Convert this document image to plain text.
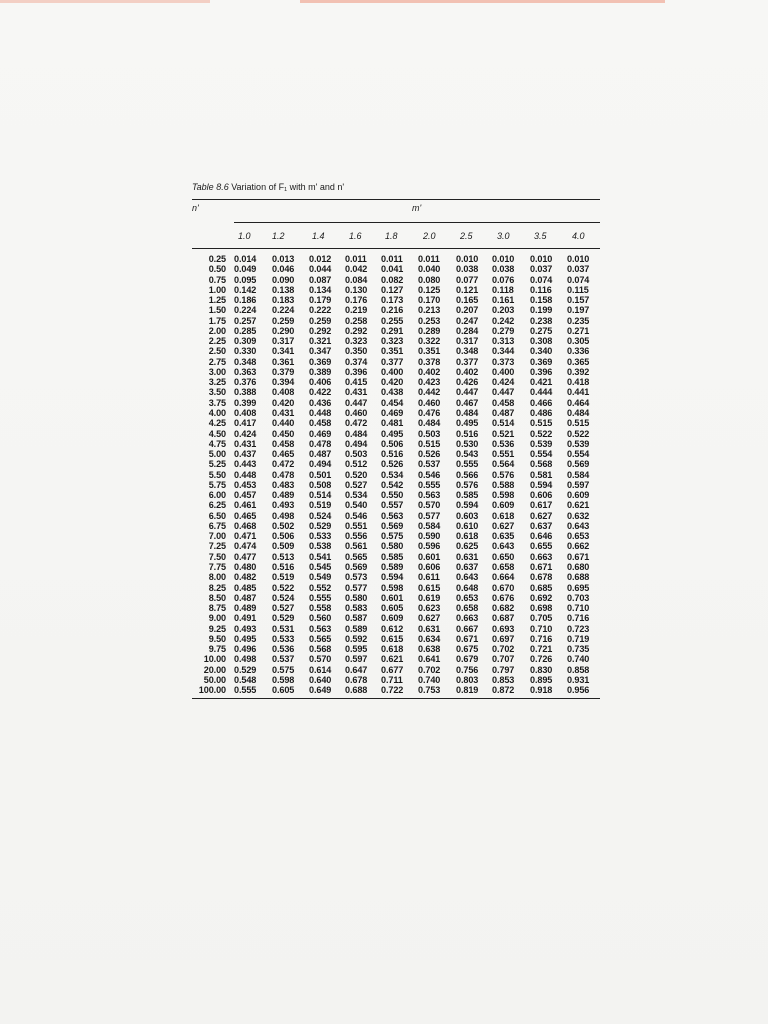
Table 8.6 Variation of F₁ with m' and n'

n'	m'
1.0 1.2	1.4	1.6	1.8	2.0	2.5	3.0	3.5	4.0
0.25 0.014 0.013 0.012 0.011 0.011 0.011 0.010 0.010 0.010 0.010
0.50 0.049 0.046 0.044 0.042 0.041 0.040 0.038 0.038 0.037 0.037
0.75 0.095 0.090 0.087 0.084 0.082 0.080 0.077 0.076 0.074 0.074
1.00 0.142 0.138 0.134 0.130 0.127 0.125 0.121 0.118 0.116 0.115
1.25 0.186 0.183 0.179 0.176 0.173 0.170 0.165 0.161 0.158 0.157
1.50 0.224 0.224 0.222 0.219 0.216 0.213 0.207 0.203 0.199 0.197
1.75 0.257 0.259 0.259 0.258 0.255 0.253 0.247 0.242 0.238 0.235
2.00 0.285 0.290 0.292 0.292 0.291 0.289 0.284 0.279 0.275 0.271
2.25 0.309 0.317 0.321 0.323 0.323 0.322 0.317 0.313 0.308 0.305
2.50 0.330 0.341 0.347 0.350 0.351 0.351 0.348 0.344 0.340 0.336
2.75 0.348 0.361 0.369 0.374 0.377 0.378 0.377 0.373 0.369 0.365
3.00 0.363 0.379 0.389 0.396 0.400 0.402 0.402 0.400 0.396 0.392
3.25 0.376 0.394 0.406 0.415 0.420 0.423 0.426 0.424 0.421 0.418
3.50 0.388 0.408 0.422 0.431 0.438 0.442 0.447 0.447 0.444 0.441
3.75 0.399 0.420 0.436 0.447 0.454 0.460 0.467 0.458 0.466 0.464
4.00 0.408 0.431 0.448 0.460 0.469 0.476 0.484 0.487 0.486 0.484
4.25 0.417 0.440 0.458 0.472 0.481 0.484 0.495 0.514 0.515 0.515
4.50 0.424 0.450 0.469 0.484 0.495 0.503 0.516 0.521 0.522 0.522
4.75 0.431 0.458 0.478 0.494 0.506 0.515 0.530 0.536 0.539 0.539
5.00 0.437 0.465 0.487 0.503 0.516 0.526 0.543 0.551 0.554 0.554
5.25 0.443 0.472 0.494 0.512 0.526 0.537 0.555 0.564 0.568 0.569
5.50 0.448 0.478 0.501 0.520 0.534 0.546 0.566 0.576 0.581 0.584
5.75 0.453 0.483 0.508 0.527 0.542 0.555 0.576 0.588 0.594 0.597
6.00 0.457 0.489 0.514 0.534 0.550 0.563 0.585 0.598 0.606 0.609
6.25 0.461 0.493 0.519 0.540 0.557 0.570 0.594 0.609 0.617 0.621
6.50 0.465 0.498 0.524 0.546 0.563 0.577 0.603 0.618 0.627 0.632
6.75 0.468 0.502 0.529 0.551 0.569 0.584 0.610 0.627 0.637 0.643
7.00 0.471 0.506 0.533 0.556 0.575 0.590 0.618 0.635 0.646 0.653
7.25 0.474 0.509 0.538 0.561 0.580 0.596 0.625 0.643 0.655 0.662
7.50 0.477 0.513 0.541 0.565 0.585 0.601 0.631 0.650 0.663 0.671
7.75 0.480 0.516 0.545 0.569 0.589 0.606 0.637 0.658 0.671 0.680
8.00 0.482 0.519 0.549 0.573 0.594 0.611 0.643 0.664 0.678 0.688
8.25 0.485 0.522 0.552 0.577 0.598 0.615 0.648 0.670 0.685 0.695
8.50 0.487 0.524 0.555 0.580 0.601 0.619 0.653 0.676 0.692 0.703
8.75 0.489 0.527 0.558 0.583 0.605 0.623 0.658 0.682 0.698 0.710
9.00 0.491 0.529 0.560 0.587 0.609 0.627 0.663 0.687 0.705 0.716
9.25 0.493 0.531 0.563 0.589 0.612 0.631 0.667 0.693 0.710 0.723
9.50 0.495 0.533 0.565 0.592 0.615 0.634 0.671 0.697 0.716 0.719
9.75 0.496 0.536 0.568 0.595 0.618 0.638 0.675 0.702 0.721 0.735
10.00 0.498 0.537 0.570 0.597 0.621 0.641 0.679 0.707 0.726 0.740
20.00 0.529 0.575 0.614 0.647 0.677 0.702 0.756 0.797 0.830 0.858
50.00 0.548 0.598 0.640 0.678 0.711 0.740 0.803 0.853 0.895 0.931
100.00 0.555 0.605 0.649 0.688 0.722 0.753 0.819 0.872 0.918 0.956
